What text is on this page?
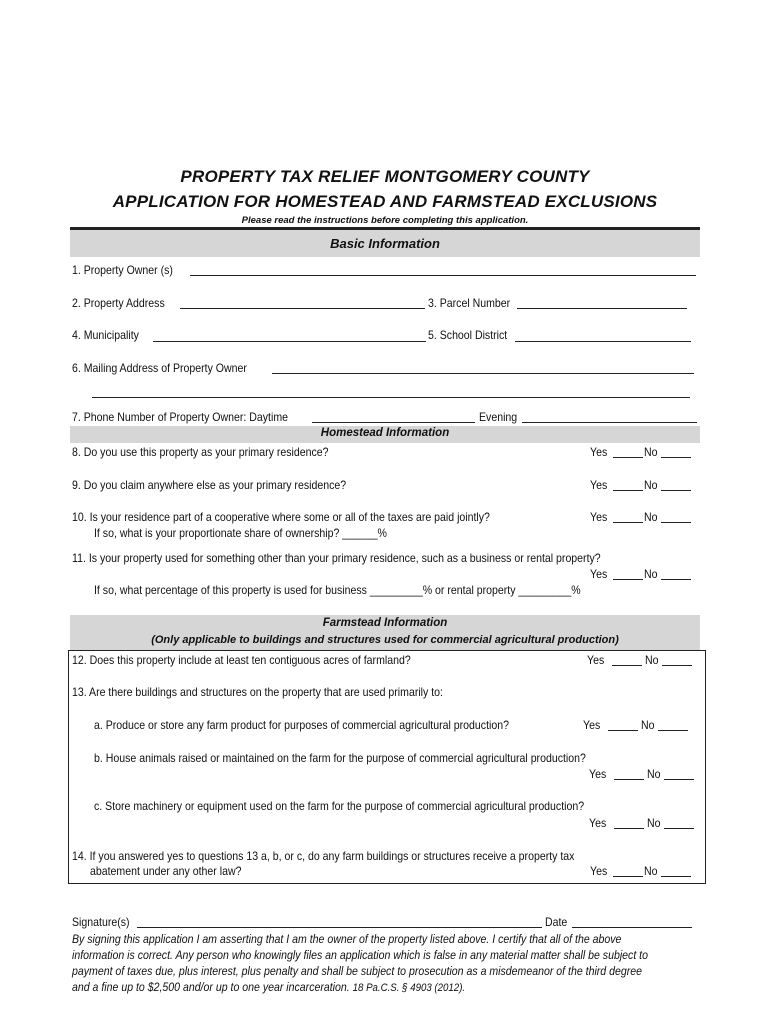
PROPERTY TAX RELIEF MONTGOMERY COUNTY
APPLICATION FOR HOMESTEAD AND FARMSTEAD EXCLUSIONS
Please read the instructions before completing this application.
Basic Information
1. Property Owner (s)
2. Property Address	3. Parcel Number
4. Municipality	5. School District
6. Mailing Address of Property Owner
7. Phone Number of Property Owner: Daytime	Evening
Homestead Information
8. Do you use this property as your primary residence?	Yes	No
9. Do you claim anywhere else as your primary residence?	Yes	No
10. Is your residence part of a cooperative where some or all of the taxes are paid jointly?	Yes	No
If so, what is your proportionate share of ownership? ______%
11. Is your property used for something other than your primary residence, such as a business or rental property?
Yes	No
If so, what percentage of this property is used for business _________% or rental property _________%
Farmstead Information
(Only applicable to buildings and structures used for commercial agricultural production)
12. Does this property include at least ten contiguous acres of farmland?	Yes	No
13. Are there buildings and structures on the property that are used primarily to:
a. Produce or store any farm product for purposes of commercial agricultural production?	Yes	No
b. House animals raised or maintained on the farm for the purpose of commercial agricultural production?
Yes	No
c. Store machinery or equipment used on the farm for the purpose of commercial agricultural production?
Yes	No
14. If you answered yes to questions 13 a, b, or c, do any farm buildings or structures receive a property tax
abatement under any other law?	Yes	No
Signature(s)	Date
By signing this application I am asserting that I am the owner of the property listed above. I certify that all of the above
information is correct. Any person who knowingly files an application which is false in any material matter shall be subject to
payment of taxes due, plus interest, plus penalty and shall be subject to prosecution as a misdemeanor of the third degree
and a fine up to $2,500 and/or up to one year incarceration. 18 Pa.C.S. § 4903 (2012).
